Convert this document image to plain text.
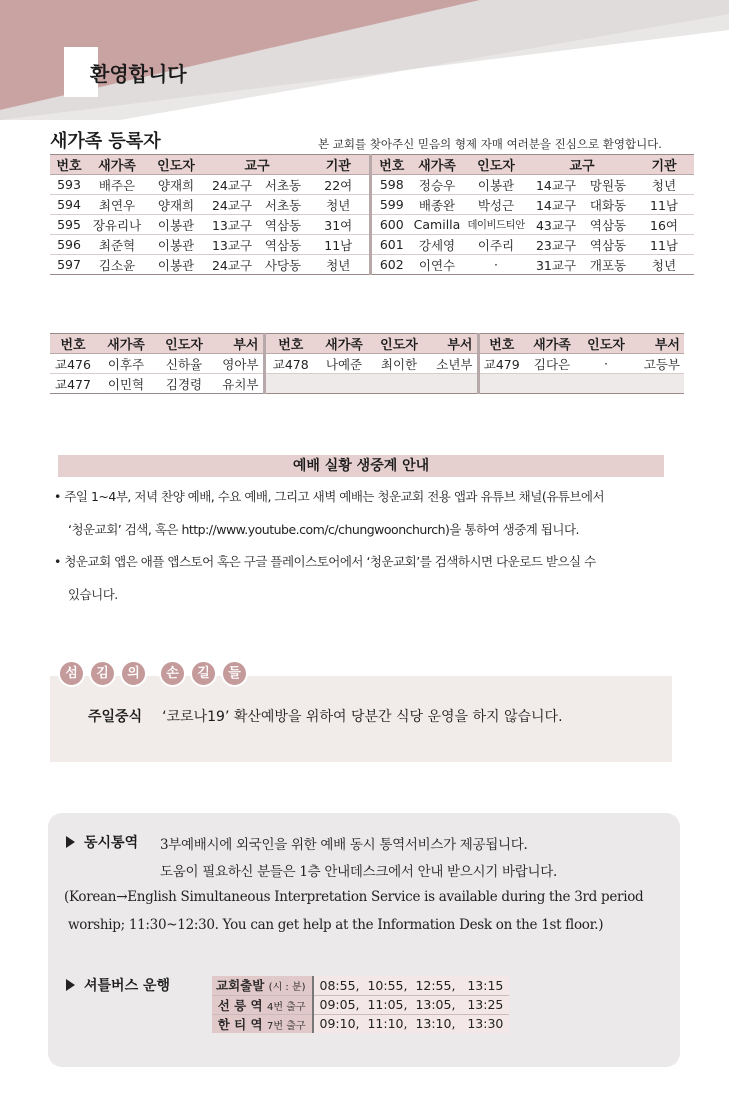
환영합니다
새가족 등록자	본 교회를 찾아주신 믿음의 형제 자매 여러분을 진심으로 환영합니다.
번호	새가족	인도자	교구		기관	번호	새가족	인도자	교구		기관
593	배주은	양재희	24교구	서초동	22여	598	정승우	이봉관	14교구	망원동	청년
594	최연우	양재희	24교구	서초동	청년	599	배종완	박성근	14교구	대화동	11남
595	장유리나	이봉관	13교구	역삼동	31여	600	Camilla	데이비드티안	43교구	역삼동	16여
596	최준혁	이봉관	13교구	역삼동	11남	601	강세영	이주리	23교구	역삼동	11남
597	김소윤	이봉관	24교구	사당동	청년	602	이연수	·	31교구	개포동	청년
번호	새가족	인도자	부서	번호	새가족	인도자	부서	번호	새가족	인도자	부서
교476	이후주	신하율	영아부	교478	나예준	최이한	소년부	교479	김다은	·	고등부
교477	이민혁	김경령	유치부								
예배 실황 생중계 안내
• 주일 1~4부, 저녁 찬양 예배, 수요 예배, 그리고 새벽 예배는 청운교회 전용 앱과 유튜브 채널(유튜브에서
‘청운교회’ 검색, 혹은 http://www.youtube.com/c/chungwoonchurch)을 통하여 생중계 됩니다.
• 청운교회 앱은 애플 앱스토어 혹은 구글 플레이스토어에서 ‘청운교회’를 검색하시면 다운로드 받으실 수
있습니다.
섬	김	의	손	길	들
주일중식 ‘코로나19’ 확산예방을 위하여 당분간 식당 운영을 하지 않습니다.
동시통역 3부예배시에 외국인을 위한 예배 동시 통역서비스가 제공됩니다.
도움이 필요하신 분들은 1층 안내데스크에서 안내 받으시기 바랍니다.
(Korean→English Simultaneous Interpretation Service is available during the 3rd period
worship; 11:30~12:30. You can get help at the Information Desk on the 1st floor.)
셔틀버스 운행	교회출발 (시 : 분)	08:55, 10:55, 12:55, 13:15
선 릉 역 4번 출구	09:05, 11:05, 13:05, 13:25
한 티 역 7번 출구	09:10, 11:10, 13:10, 13:30
